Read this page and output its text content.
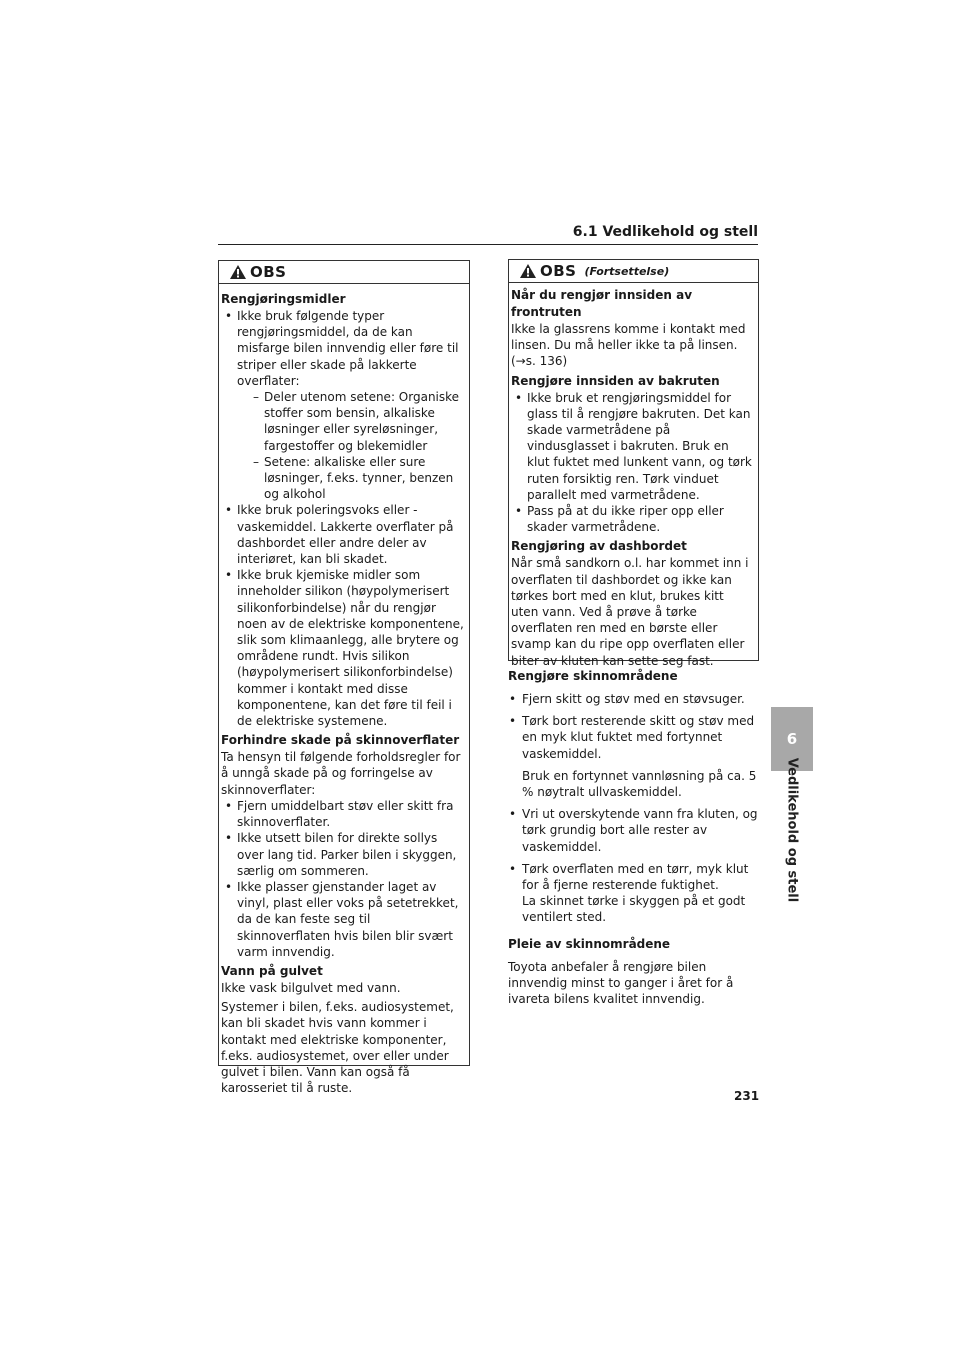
6.1 Vedlikehold og stell
OBS
Rengjøringsmidler
• Ikke bruk følgende typer rengjøringsmiddel, da de kan misfarge bilen innvendig eller føre til striper eller skade på lakkerte overflater:
– Deler utenom setene: Organiske stoffer som bensin, alkaliske løsninger eller syreløsninger, fargestoffer og blekemidler
– Setene: alkaliske eller sure løsninger, f.eks. tynner, benzen og alkohol
• Ikke bruk poleringsvoks eller -vaskemiddel. Lakkerte overflater på dashbordet eller andre deler av interiøret, kan bli skadet.
• Ikke bruk kjemiske midler som inneholder silikon (høypolymerisert silikonforbindelse) når du rengjør noen av de elektriske komponentene, slik som klimaanlegg, alle brytere og områdene rundt. Hvis silikon (høypolymerisert silikonforbindelse) kommer i kontakt med disse komponentene, kan det føre til feil i de elektriske systemene.
Forhindre skade på skinnoverflater

Ta hensyn til følgende forholdsregler for å unngå skade på og forringelse av skinnoverflater:

• Fjern umiddelbart støv eller skitt fra skinnoverflater.
• Ikke utsett bilen for direkte sollys over lang tid. Parker bilen i skyggen, særlig om sommeren.
• Ikke plasser gjenstander laget av vinyl, plast eller voks på setetrekket, da de kan feste seg til skinnoverflaten hvis bilen blir svært varm innvendig.
Vann på gulvet

Ikke vask bilgulvet med vann.

Systemer i bilen, f.eks. audiosystemet, kan bli skadet hvis vann kommer i kontakt med elektriske komponenter, f.eks. audiosystemet, over eller under gulvet i bilen. Vann kan også få karosseriet til å ruste.

OBS (Fortsettelse)
Når du rengjør innsiden av frontruten

Ikke la glassrens komme i kontakt med linsen. Du må heller ikke ta på linsen. (→s. 136)

Rengjøre innsiden av bakruten
• Ikke bruk et rengjøringsmiddel for glass til å rengjøre bakruten. Det kan skade varmetrådene på vindusglasset i bakruten. Bruk en klut fuktet med lunkent vann, og tørk ruten forsiktig ren. Tørk vinduet parallelt med varmetrådene.
• Pass på at du ikke riper opp eller skader varmetrådene.
Rengjøring av dashbordet

Når små sandkorn o.l. har kommet inn i overflaten til dashbordet og ikke kan tørkes bort med en klut, brukes kitt uten vann. Ved å prøve å tørke overflaten ren med en børste eller svamp kan du ripe opp overflaten eller biter av kluten kan sette seg fast.

Rengjøre skinnområdene
• Fjern skitt og støv med en støvsuger.
• Tørk bort resterende skitt og støv med en myk klut fuktet med fortynnet vaskemiddel.
Bruk en fortynnet vannløsning på ca. 5 % nøytralt ullvaskemiddel.
• Vri ut overskytende vann fra kluten, og tørk grundig bort alle rester av vaskemiddel.
• Tørk overflaten med en tørr, myk klut for å fjerne resterende fuktighet.
La skinnet tørke i skyggen på et godt ventilert sted.
Pleie av skinnområdene

Toyota anbefaler å rengjøre bilen innvendig minst to ganger i året for å ivareta bilens kvalitet innvendig.

231
6
Vedlikehold og stell
